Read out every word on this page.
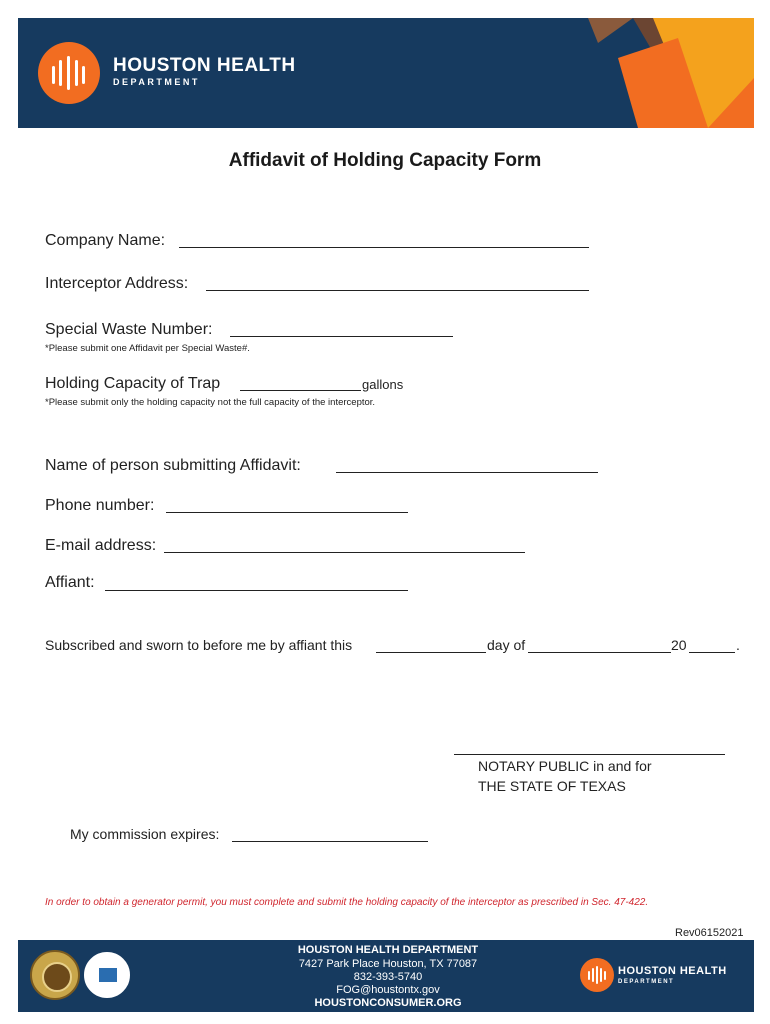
HOUSTON HEALTH
DEPARTMENT
Affidavit of Holding Capacity Form
Company Name:
Interceptor Address:
Special Waste Number:
*Please submit one Affidavit per Special Waste#.
Holding Capacity of Trap	gallons
*Please submit only the holding capacity not the full capacity of the interceptor.
Name of person submitting Affidavit:
Phone number:
E-mail address:
Affiant:
Subscribed and sworn to before me by affiant this	day of	20	.
NOTARY PUBLIC in and for
THE STATE OF TEXAS
My commission expires:
In order to obtain a generator permit, you must complete and submit the holding capacity of the interceptor as prescribed in Sec. 47-422.
Rev06152021
HOUSTON HEALTH DEPARTMENT
7427 Park Place Houston, TX 77087
832-393-5740
FOG@houstontx.gov
HOUSTONCONSUMER.ORG
HOUSTON HEALTH
DEPARTMENT
